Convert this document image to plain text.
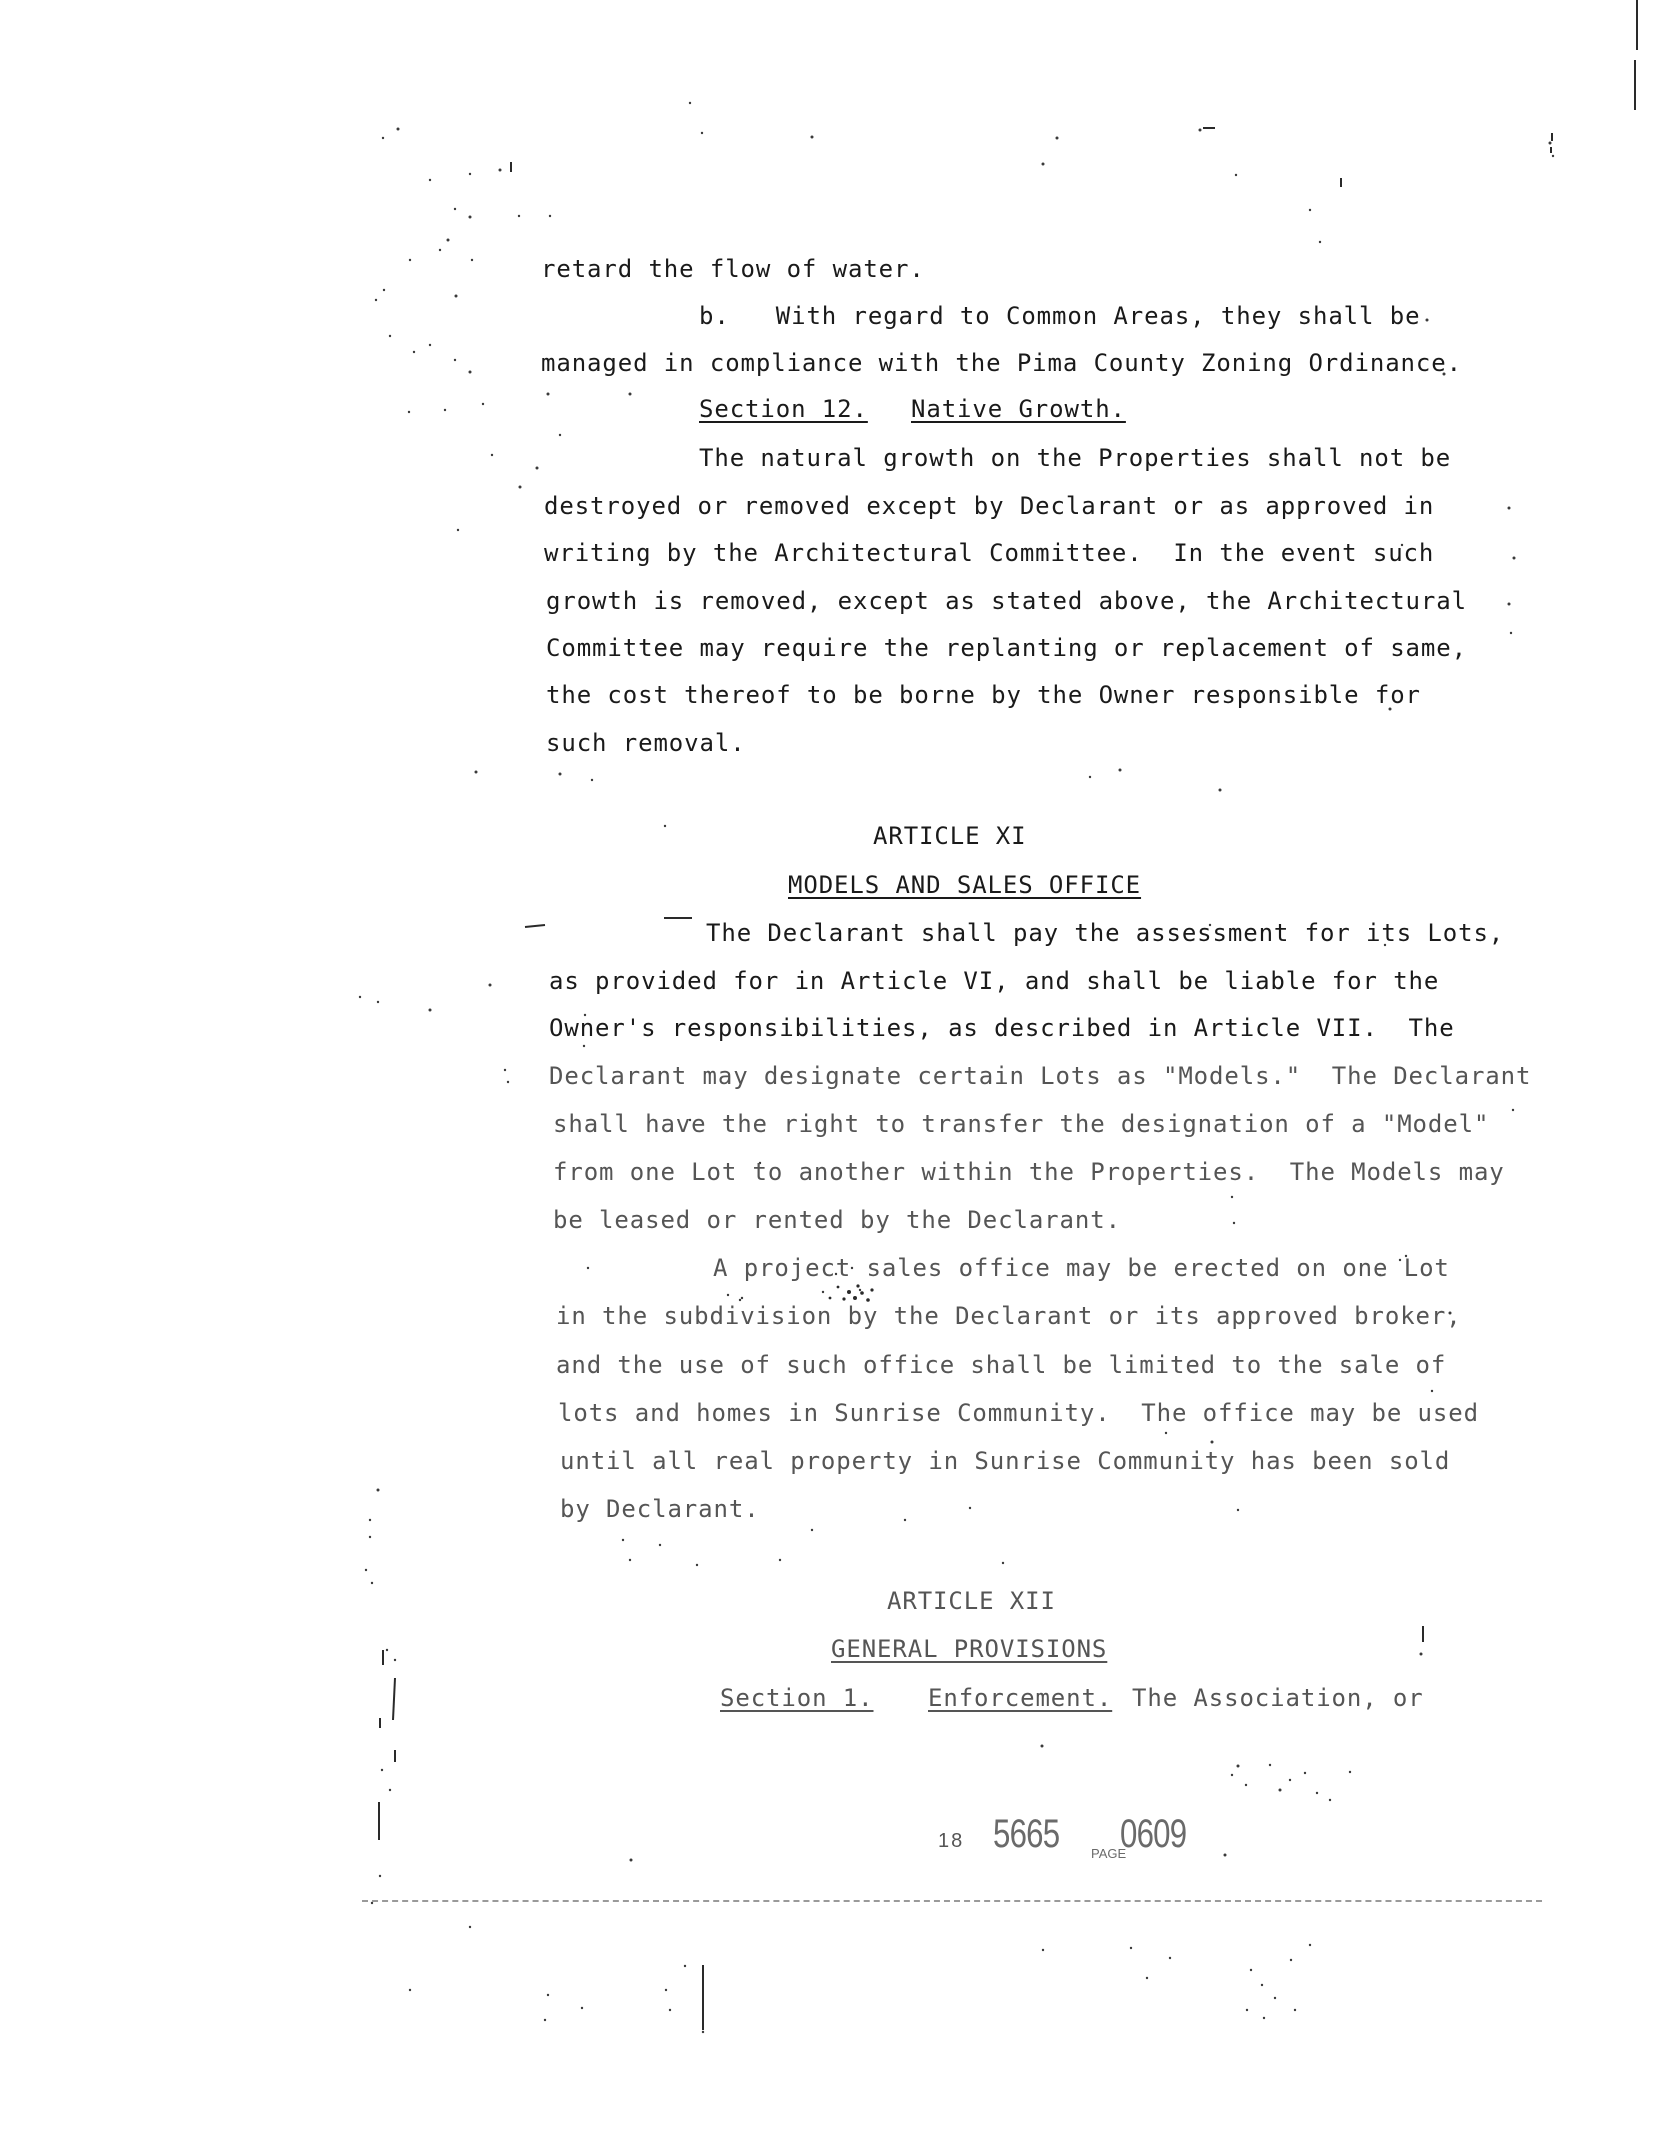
retard the flow of water.
b.   With regard to Common Areas, they shall be
managed in compliance with the Pima County Zoning Ordinance.
Section 12. Native Growth.
The natural growth on the Properties shall not be
destroyed or removed except by Declarant or as approved in
writing by the Architectural Committee.  In the event such
growth is removed, except as stated above, the Architectural
Committee may require the replanting or replacement of same,
the cost thereof to be borne by the Owner responsible for
such removal.
ARTICLE XI
MODELS AND SALES OFFICE
The Declarant shall pay the assessment for its Lots,
as provided for in Article VI, and shall be liable for the
Owner's responsibilities, as described in Article VII.  The
Declarant may designate certain Lots as "Models."  The Declarant
shall have the right to transfer the designation of a "Model"
from one Lot to another within the Properties.  The Models may
be leased or rented by the Declarant.
A project sales office may be erected on one Lot
in the subdivision by the Declarant or its approved broker,
and the use of such office shall be limited to the sale of
lots and homes in Sunrise Community.  The office may be used
until all real property in Sunrise Community has been sold
by Declarant.
ARTICLE XII
GENERAL PROVISIONS
Section 1. Enforcement. The Association, or
18 5665 PAGE
0609
